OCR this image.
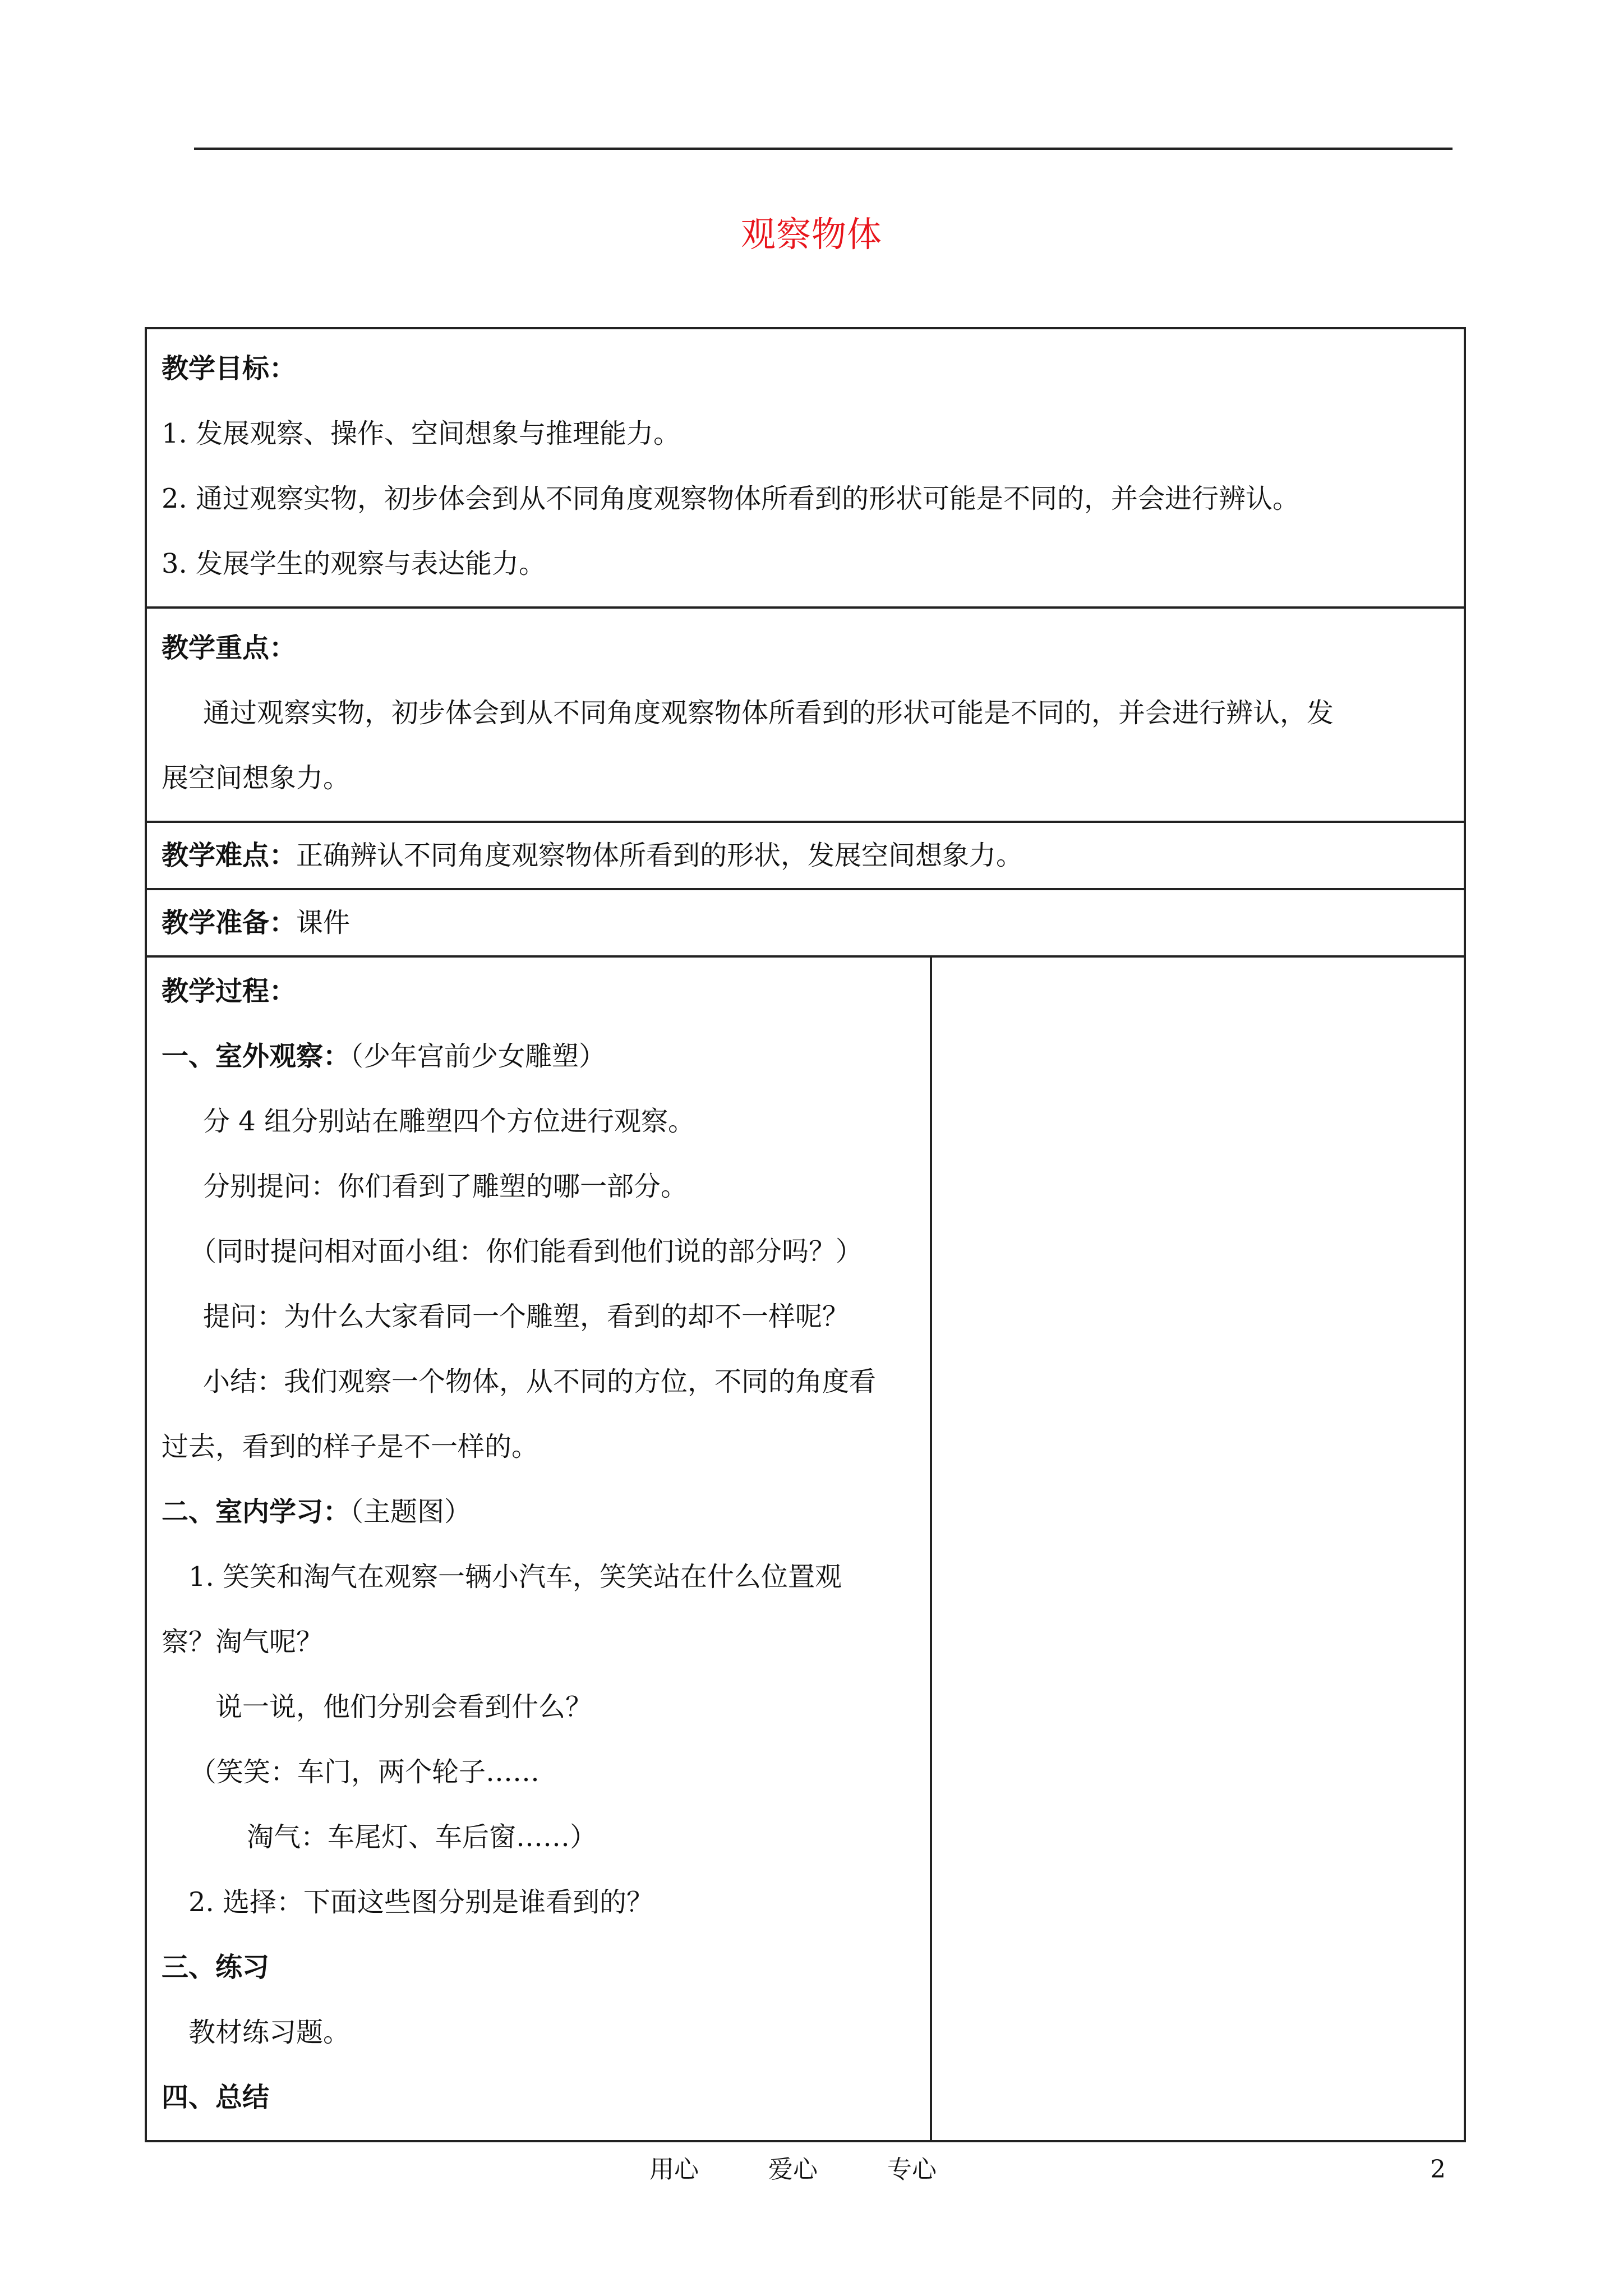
观察物体
教学目标：
1. 发展观察、操作、空间想象与推理能力。
2. 通过观察实物，初步体会到从不同角度观察物体所看到的形状可能是不同的，并会进行辨认。
3. 发展学生的观察与表达能力。

教学重点：
通过观察实物，初步体会到从不同角度观察物体所看到的形状可能是不同的，并会进行辨认，发
展空间想象力。

教学难点：正确辨认不同角度观察物体所看到的形状，发展空间想象力。

教学准备：课件

教学过程：
一、室外观察：（少年宫前少女雕塑）
分 4 组分别站在雕塑四个方位进行观察。
分别提问：你们看到了雕塑的哪一部分。
（同时提问相对面小组：你们能看到他们说的部分吗？）
提问：为什么大家看同一个雕塑，看到的却不一样呢？
小结：我们观察一个物体，从不同的方位，不同的角度看
过去，看到的样子是不一样的。
二、室内学习：（主题图）
1. 笑笑和淘气在观察一辆小汽车，笑笑站在什么位置观
察？淘气呢？
说一说，他们分别会看到什么？
（笑笑：车门，两个轮子……
淘气：车尾灯、车后窗……）
2. 选择：下面这些图分别是谁看到的？
三、练习
教材练习题。
四、总结

用心	爱心	专心	2
